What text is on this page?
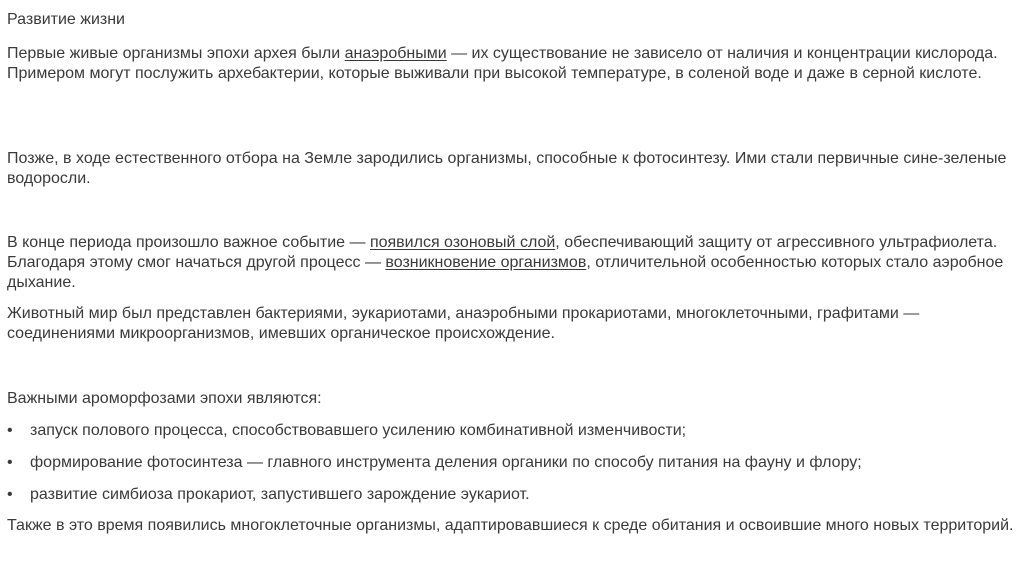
Развитие жизни
Первые живые организмы эпохи архея были анаэробными — их существование не зависело от наличия и концентрации кислорода. Примером могут послужить архебактерии, которые выживали при высокой температуре, в соленой воде и даже в серной кислоте.
Позже, в ходе естественного отбора на Земле зародились организмы, способные к фотосинтезу. Ими стали первичные сине-зеленые водоросли.
В конце периода произошло важное событие — появился озоновый слой, обеспечивающий защиту от агрессивного ультрафиолета. Благодаря этому смог начаться другой процесс — возникновение организмов, отличительной особенностью которых стало аэробное дыхание.
Животный мир был представлен бактериями, эукариотами, анаэробными прокариотами, многоклеточными, графитами — соединениями микроорганизмов, имевших органическое происхождение.
Важными ароморфозами эпохи являются:
• запуск полового процесса, способствовавшего усилению комбинативной изменчивости;
• формирование фотосинтеза — главного инструмента деления органики по способу питания на фауну и флору;
• развитие симбиоза прокариот, запустившего зарождение эукариот.
Также в это время появились многоклеточные организмы, адаптировавшиеся к среде обитания и освоившие много новых территорий.
